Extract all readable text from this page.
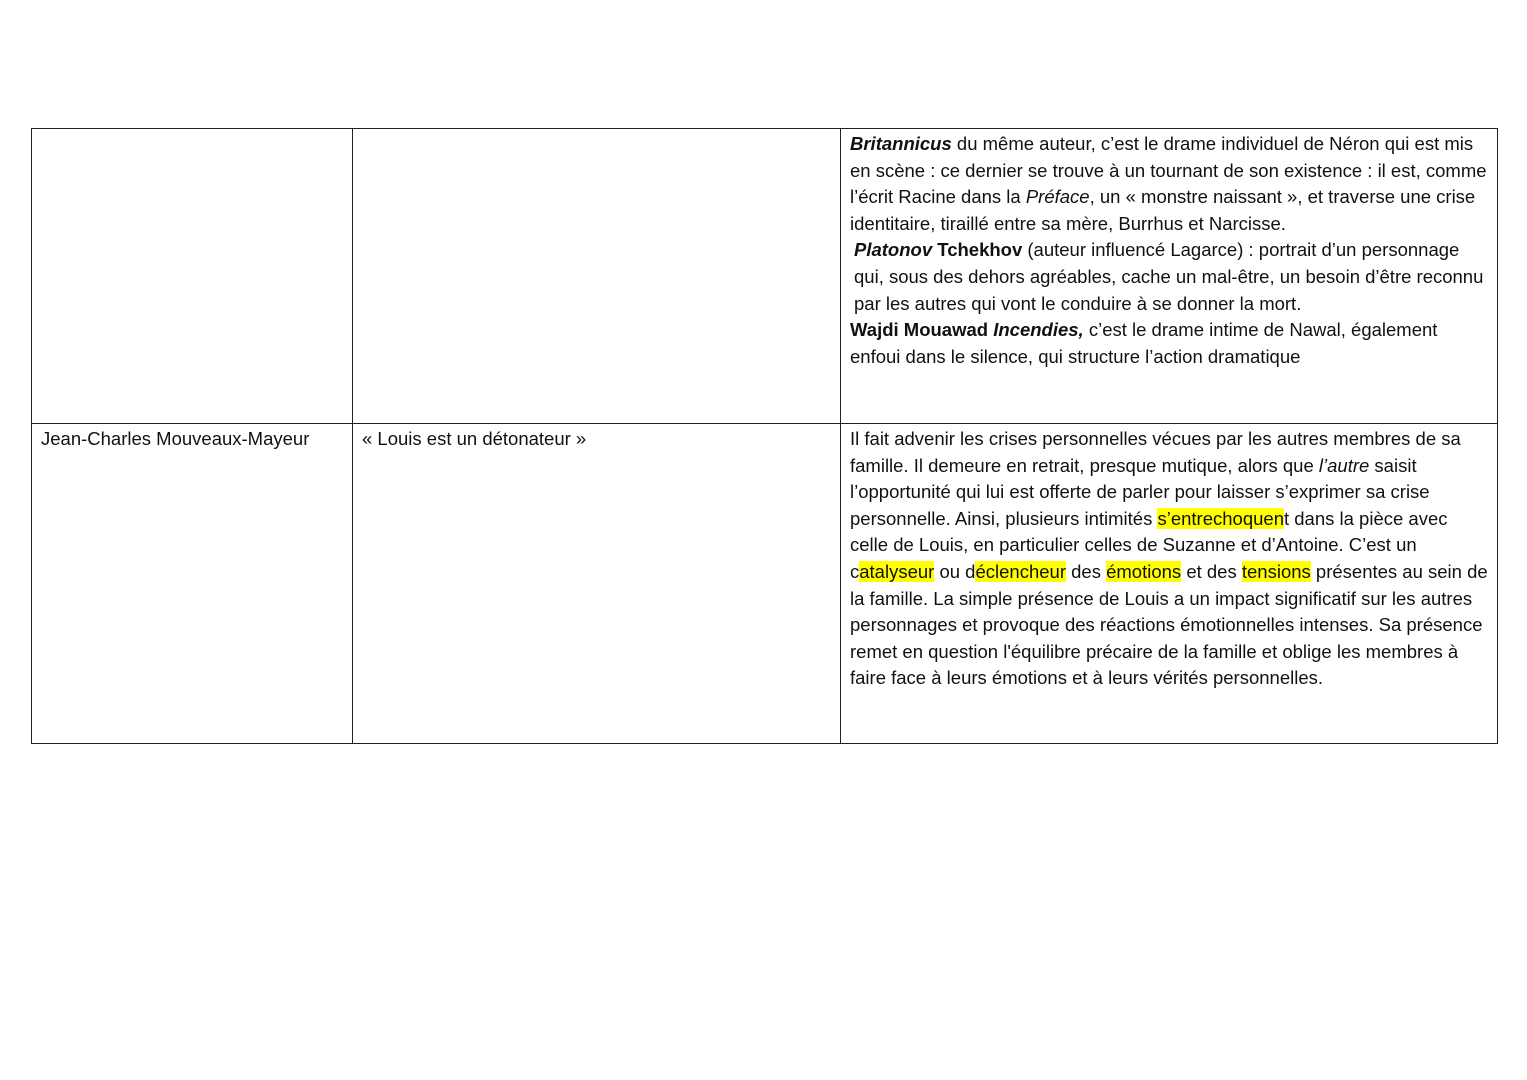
		Britannicus du même auteur, c’est le drame individuel de Néron qui est mis en scène : ce dernier se trouve à un tournant de son existence : il est, comme l’écrit Racine dans la Préface, un « monstre naissant », et traverse une crise identitaire, tiraillé entre sa mère, Burrhus et Narcisse.

Platonov Tchekhov (auteur influencé Lagarce) : portrait d’un personnage qui, sous des dehors agréables, cache un mal-être, un besoin d’être reconnu par les autres qui vont le conduire à se donner la mort.

Wajdi Mouawad Incendies, c’est le drame intime de Nawal, également enfoui dans le silence, qui structure l’action dramatique

Jean-Charles Mouveaux-Mayeur	« Louis est un détonateur »	Il fait advenir les crises personnelles vécues par les autres membres de sa famille. Il demeure en retrait, presque mutique, alors que l’autre saisit l’opportunité qui lui est offerte de parler pour laisser s’exprimer sa crise personnelle. Ainsi, plusieurs intimités s’entrechoquent dans la pièce avec celle de Louis, en particulier celles de Suzanne et d’Antoine. C’est un catalyseur ou déclencheur des émotions et des tensions présentes au sein de la famille. La simple présence de Louis a un impact significatif sur les autres personnages et provoque des réactions émotionnelles intenses. Sa présence remet en question l'équilibre précaire de la famille et oblige les membres à faire face à leurs émotions et à leurs vérités personnelles.
